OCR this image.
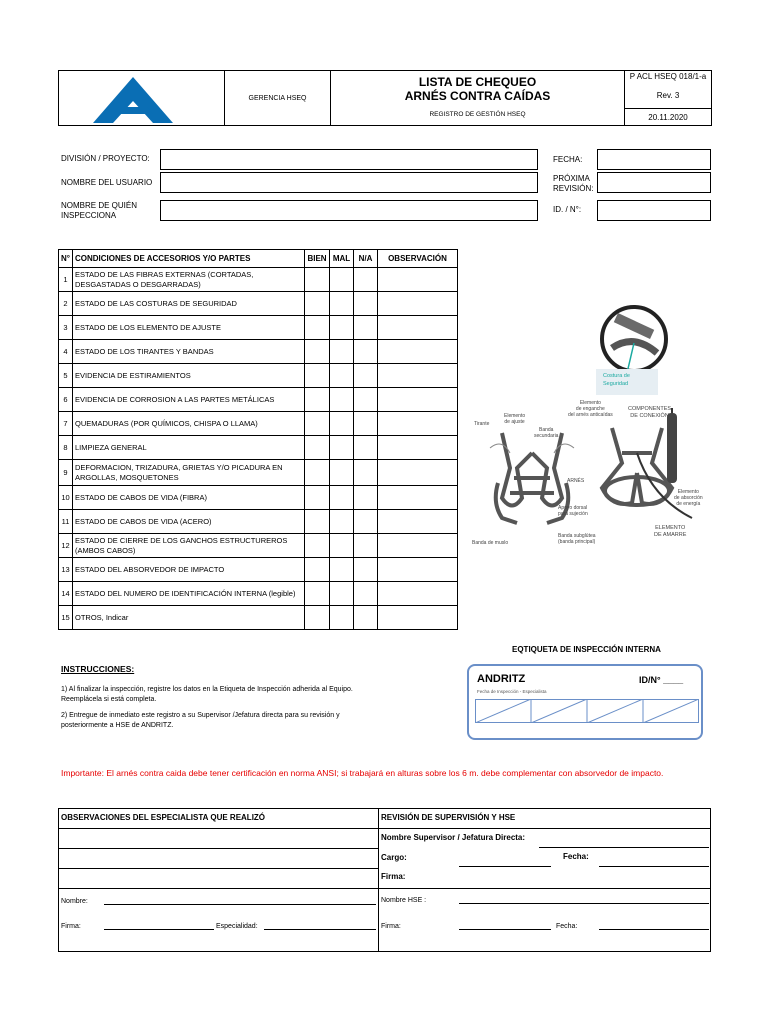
GERENCIA HSEQ
LISTA DE CHEQUEO
ARNÉS CONTRA CAÍDAS
REGISTRO DE GESTIÓN HSEQ
P ACL HSEQ 018/1-a
Rev. 3
20.11.2020
DIVISIÓN / PROYECTO:
NOMBRE DEL USUARIO
NOMBRE DE QUIÉN
INSPECCIONA
FECHA:
PRÓXIMA
REVISIÓN:
ID. / N°:
N°	CONDICIONES DE ACCESORIOS Y/O PARTES	BIEN	MAL	N/A	OBSERVACIÓN
1	ESTADO DE LAS FIBRAS EXTERNAS (CORTADAS, DESGASTADAS O DESGARRADAS)				
2	ESTADO DE LAS COSTURAS DE SEGURIDAD				
3	ESTADO DE LOS ELEMENTO DE AJUSTE				
4	ESTADO DE LOS TIRANTES Y BANDAS				
5	EVIDENCIA DE ESTIRAMIENTOS				
6	EVIDENCIA DE CORROSION A LAS PARTES METÁLICAS				
7	QUEMADURAS (POR QUÍMICOS, CHISPA O LLAMA)				
8	LIMPIEZA GENERAL				
9	DEFORMACION, TRIZADURA, GRIETAS Y/O PICADURA EN ARGOLLAS, MOSQUETONES				
10	ESTADO DE CABOS DE VIDA (FIBRA)				
11	ESTADO DE CABOS DE VIDA (ACERO)				
12	ESTADO DE CIERRE DE LOS GANCHOS ESTRUCTUREROS (AMBOS CABOS)				
13	ESTADO DEL ABSORVEDOR DE IMPACTO				
14	ESTADO DEL NUMERO DE IDENTIFICACIÓN INTERNA (legible)				
15	OTROS, Indicar				
Costura de
Seguridad
Tirante
Elemento
de ajuste
Banda
secundaria
Elemento
de enganche
del arnés anticaídas
COMPONENTES
DE CONEXIÓN
ARNÉS
Apoyo dorsal
para sujeción
Elemento
de absorción
de energía
ELEMENTO
DE AMARRE
Banda de muslo
Banda subglútea
(banda principal)
EQTIQUETA DE INSPECCIÓN INTERNA
ANDRITZ	ID/N° ____
Fecha de Inspección - Especialista
INSTRUCCIONES:
1) Al finalizar la inspección, registre los datos en la Etiqueta de Inspección adherida al Equipo.
Reemplácela si está completa.
2) Entregue de inmediato este registro a su Supervisor /Jefatura directa para su revisión y
posteriormente a HSE de ANDRITZ.
Importante: El arnés contra caida debe tener certificación en norma ANSI; si trabajará en alturas sobre los 6 m. debe complementar con absorvedor de impacto.
OBSERVACIONES DEL ESPECIALISTA QUE REALIZÓ
Nombre:
Firma:	Especialidad:
REVISIÓN DE SUPERVISIÓN Y HSE
Nombre Supervisor / Jefatura Directa:
Cargo:	Fecha:
Firma:
Nombre HSE :
Firma:	Fecha:
